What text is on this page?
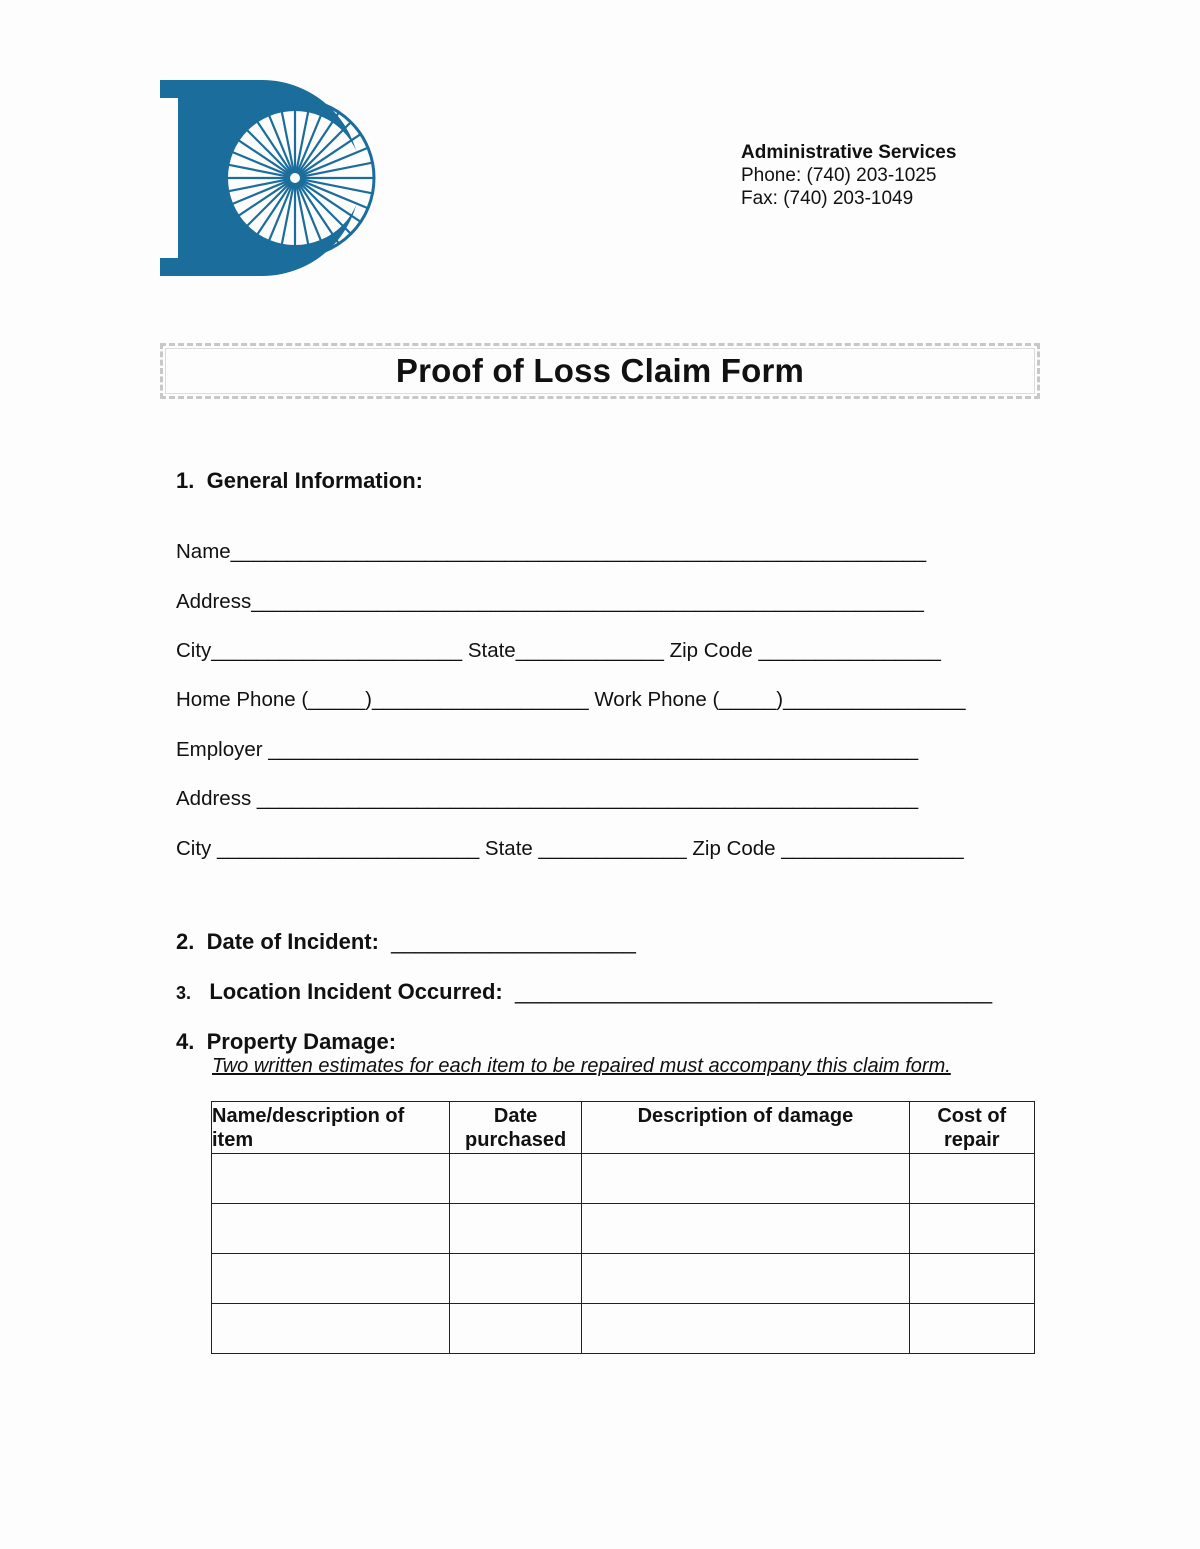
Administrative Services
Phone: (740) 203-1025
Fax: (740) 203-1049
Proof of Loss Claim Form
1. General Information:
Name_____________________________________________________________
Address___________________________________________________________
City______________________ State_____________ Zip Code ________________
Home Phone (_____)___________________ Work Phone (_____)________________
Employer _________________________________________________________
Address __________________________________________________________
City _______________________ State _____________ Zip Code ________________
2. Date of Incident: ____________________
3. Location Incident Occurred: _______________________________________
4. Property Damage:
Two written estimates for each item to be repaired must accompany this claim form.
Name/description of item	Date purchased	Description of damage	Cost of repair
